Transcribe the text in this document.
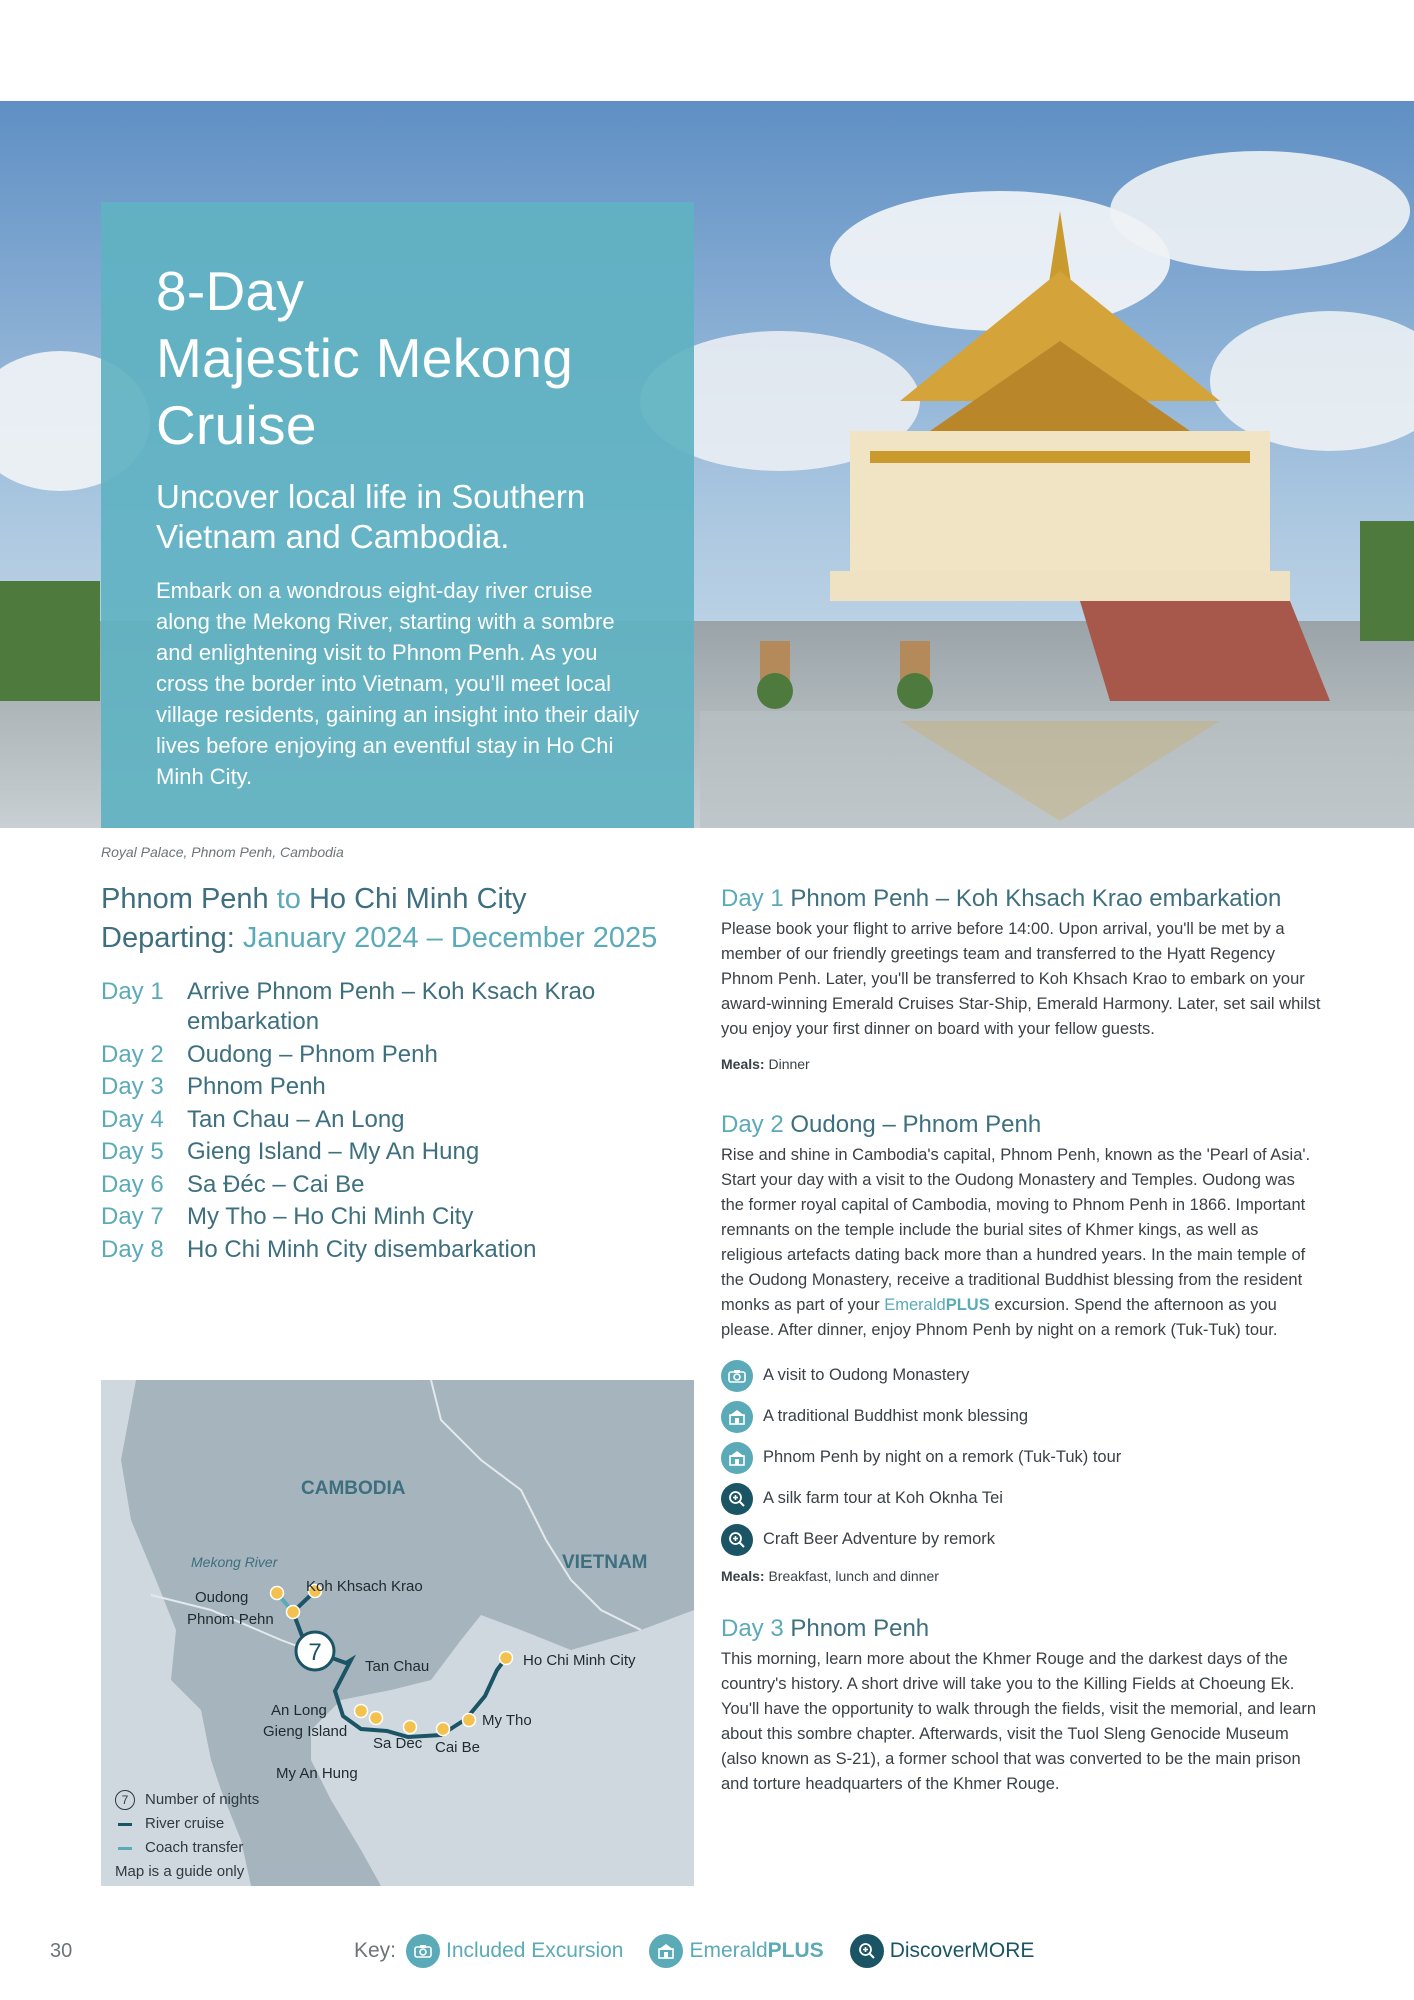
8-Day
Majestic Mekong
Cruise
Uncover local life in Southern Vietnam and Cambodia.
Embark on a wondrous eight-day river cruise along the Mekong River, starting with a sombre and enlightening visit to Phnom Penh. As you cross the border into Vietnam, you'll meet local village residents, gaining an insight into their daily lives before enjoying an eventful stay in Ho Chi Minh City.
Royal Palace, Phnom Penh, Cambodia
Phnom Penh to Ho Chi Minh City
Departing: January 2024 – December 2025
Day 1 Arrive Phnom Penh – Koh Ksach Krao embarkation
Day 2 Oudong – Phnom Penh
Day 3 Phnom Penh
Day 4 Tan Chau – An Long
Day 5 Gieng Island – My An Hung
Day 6 Sa Đéc – Cai Be
Day 7 My Tho – Ho Chi Minh City
Day 8 Ho Chi Minh City disembarkation
7
CAMBODIA
VIETNAM
Mekong River
Oudong
Phnom Pehn
Koh Khsach Krao
Tan Chau	Ho Chi Minh City
An Long
Gieng Island
Sa Dec Cai Be
My Tho
My An Hung
7	Number of nights
River cruise
Coach transfer
Map is a guide only
Day 1 Phnom Penh – Koh Khsach Krao embarkation
Please book your flight to arrive before 14:00. Upon arrival, you'll be met by a member of our friendly greetings team and transferred to the Hyatt Regency Phnom Penh. Later, you'll be transferred to Koh Khsach Krao to embark on your award-winning Emerald Cruises Star-Ship, Emerald Harmony. Later, set sail whilst you enjoy your first dinner on board with your fellow guests.
Meals: Dinner
Day 2 Oudong – Phnom Penh
Rise and shine in Cambodia's capital, Phnom Penh, known as the 'Pearl of Asia'. Start your day with a visit to the Oudong Monastery and Temples. Oudong was the former royal capital of Cambodia, moving to Phnom Penh in 1866. Important remnants on the temple include the burial sites of Khmer kings, as well as religious artefacts dating back more than a hundred years. In the main temple of the Oudong Monastery, receive a traditional Buddhist blessing from the resident monks as part of your EmeraldPLUS excursion. Spend the afternoon as you please. After dinner, enjoy Phnom Penh by night on a remork (Tuk-Tuk) tour.
A visit to Oudong Monastery
A traditional Buddhist monk blessing
Phnom Penh by night on a remork (Tuk-Tuk) tour
A silk farm tour at Koh Oknha Tei
Craft Beer Adventure by remork
Meals: Breakfast, lunch and dinner
Day 3 Phnom Penh
This morning, learn more about the Khmer Rouge and the darkest days of the country's history. A short drive will take you to the Killing Fields at Choeung Ek. You'll have the opportunity to walk through the fields, visit the memorial, and learn about this sombre chapter. Afterwards, visit the Tuol Sleng Genocide Museum (also known as S-21), a former school that was converted to be the main prison and torture headquarters of the Khmer Rouge.
30	Key: Included Excursion	Emerald PLUS	Discover MORE
